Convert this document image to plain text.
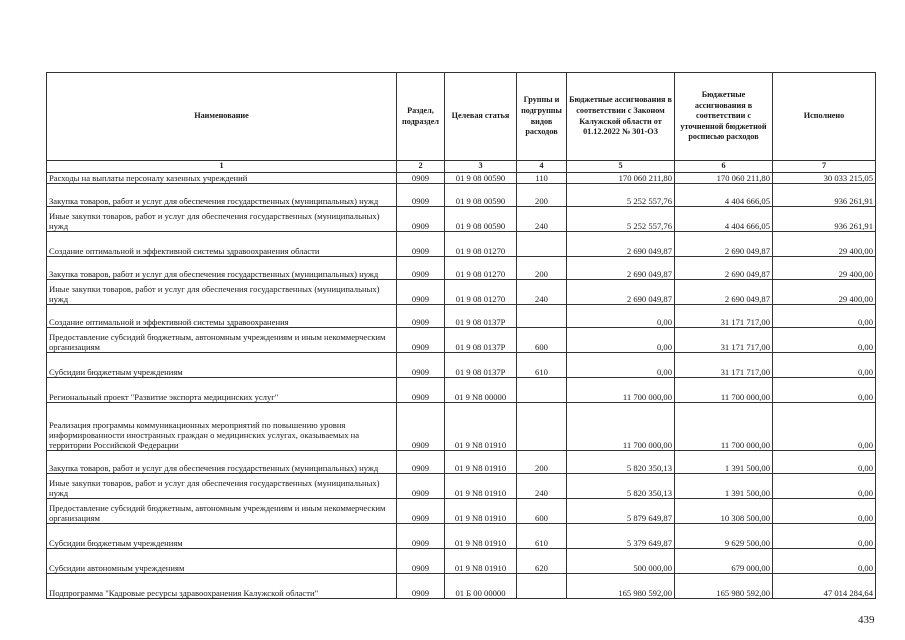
Наименование	Раздел, подраздел	Целевая статья	Группы и подгруппы видов расходов	Бюджетные ассигнования в соответствии с Законом Калужской области от 01.12.2022 № 301-ОЗ	Бюджетные ассигнования в соответствии с уточненной бюджетной росписью расходов	Исполнено
1	2	3	4	5	6	7
Расходы на выплаты персоналу казенных учреждений	0909	01 9 08 00590	110	170 060 211,80	170 060 211,80	30 033 215,05
Закупка товаров, работ и услуг для обеспечения государственных (муниципальных) нужд	0909	01 9 08 00590	200	5 252 557,76	4 404 666,05	936 261,91
Иные закупки товаров, работ и услуг для обеспечения государственных (муниципальных) нужд	0909	01 9 08 00590	240	5 252 557,76	4 404 666,05	936 261,91
Создание оптимальной и эффективной системы здравоохранения области	0909	01 9 08 01270		2 690 049,87	2 690 049,87	29 400,00
Закупка товаров, работ и услуг для обеспечения государственных (муниципальных) нужд	0909	01 9 08 01270	200	2 690 049,87	2 690 049,87	29 400,00
Иные закупки товаров, работ и услуг для обеспечения государственных (муниципальных) нужд	0909	01 9 08 01270	240	2 690 049,87	2 690 049,87	29 400,00
Создание оптимальной и эффективной системы здравоохранения	0909	01 9 08 0137Р		0,00	31 171 717,00	0,00
Предоставление субсидий бюджетным, автономным учреждениям и иным некоммерческим организациям	0909	01 9 08 0137Р	600	0,00	31 171 717,00	0,00
Субсидии бюджетным учреждениям	0909	01 9 08 0137Р	610	0,00	31 171 717,00	0,00
Региональный проект "Развитие экспорта медицинских услуг"	0909	01 9 N8 00000		11 700 000,00	11 700 000,00	0,00
Реализация программы коммуникационных мероприятий по повышению уровня информированности иностранных граждан о медицинских услугах, оказываемых на территории Российской Федерации	0909	01 9 N8 01910		11 700 000,00	11 700 000,00	0,00
Закупка товаров, работ и услуг для обеспечения государственных (муниципальных) нужд	0909	01 9 N8 01910	200	5 820 350,13	1 391 500,00	0,00
Иные закупки товаров, работ и услуг для обеспечения государственных (муниципальных) нужд	0909	01 9 N8 01910	240	5 820 350,13	1 391 500,00	0,00
Предоставление субсидий бюджетным, автономным учреждениям и иным некоммерческим организациям	0909	01 9 N8 01910	600	5 879 649,87	10 308 500,00	0,00
Субсидии бюджетным учреждениям	0909	01 9 N8 01910	610	5 379 649,87	9 629 500,00	0,00
Субсидии автономным учреждениям	0909	01 9 N8 01910	620	500 000,00	679 000,00	0,00
Подпрограмма "Кадровые ресурсы здравоохранения Калужской области"	0909	01 Б 00 00000		165 980 592,00	165 980 592,00	47 014 284,64
439
